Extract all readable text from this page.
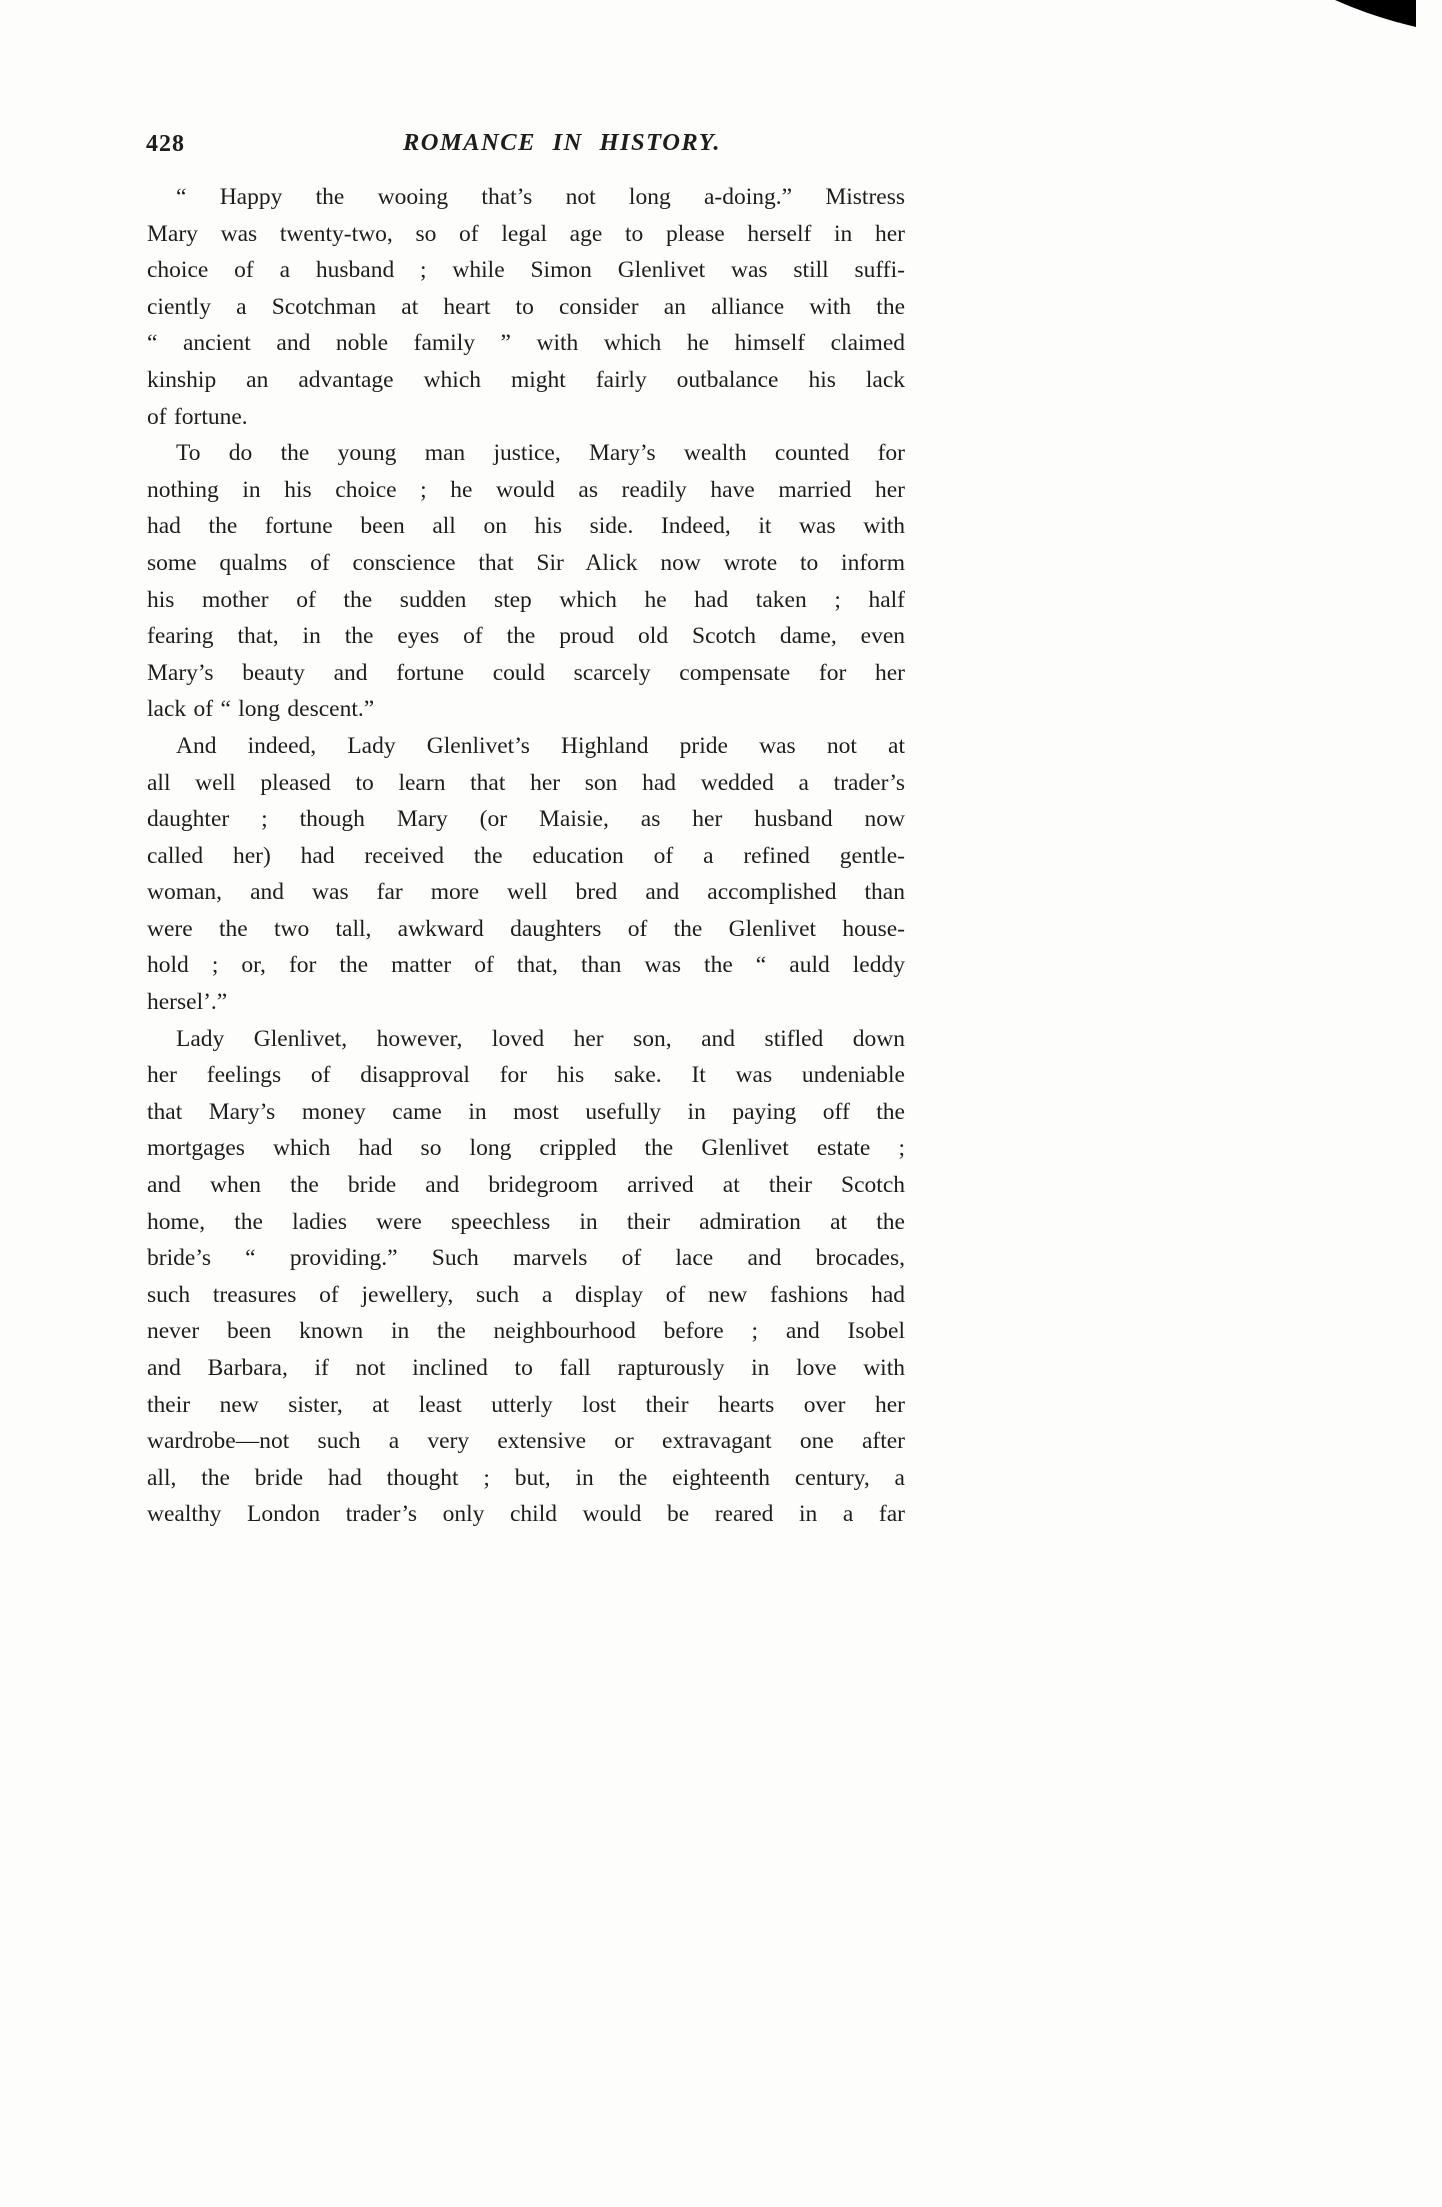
428	ROMANCE IN HISTORY.
“ Happy the wooing that’s not long a-doing.” Mistress
Mary was twenty-two, so of legal age to please herself in her
choice of a husband ; while Simon Glenlivet was still suffi-
ciently a Scotchman at heart to consider an alliance with the
“ ancient and noble family ” with which he himself claimed
kinship an advantage which might fairly outbalance his lack
of fortune.
To do the young man justice, Mary’s wealth counted for
nothing in his choice ; he would as readily have married her
had the fortune been all on his side. Indeed, it was with
some qualms of conscience that Sir Alick now wrote to inform
his mother of the sudden step which he had taken ; half
fearing that, in the eyes of the proud old Scotch dame, even
Mary’s beauty and fortune could scarcely compensate for her
lack of “ long descent.”
And indeed, Lady Glenlivet’s Highland pride was not at
all well pleased to learn that her son had wedded a trader’s
daughter ; though Mary (or Maisie, as her husband now
called her) had received the education of a refined gentle-
woman, and was far more well bred and accomplished than
were the two tall, awkward daughters of the Glenlivet house-
hold ; or, for the matter of that, than was the “ auld leddy
hersel’.”
Lady Glenlivet, however, loved her son, and stifled down
her feelings of disapproval for his sake. It was undeniable
that Mary’s money came in most usefully in paying off the
mortgages which had so long crippled the Glenlivet estate ;
and when the bride and bridegroom arrived at their Scotch
home, the ladies were speechless in their admiration at the
bride’s “ providing.” Such marvels of lace and brocades,
such treasures of jewellery, such a display of new fashions had
never been known in the neighbourhood before ; and Isobel
and Barbara, if not inclined to fall rapturously in love with
their new sister, at least utterly lost their hearts over her
wardrobe—not such a very extensive or extravagant one after
all, the bride had thought ; but, in the eighteenth century, a
wealthy London trader’s only child would be reared in a far
